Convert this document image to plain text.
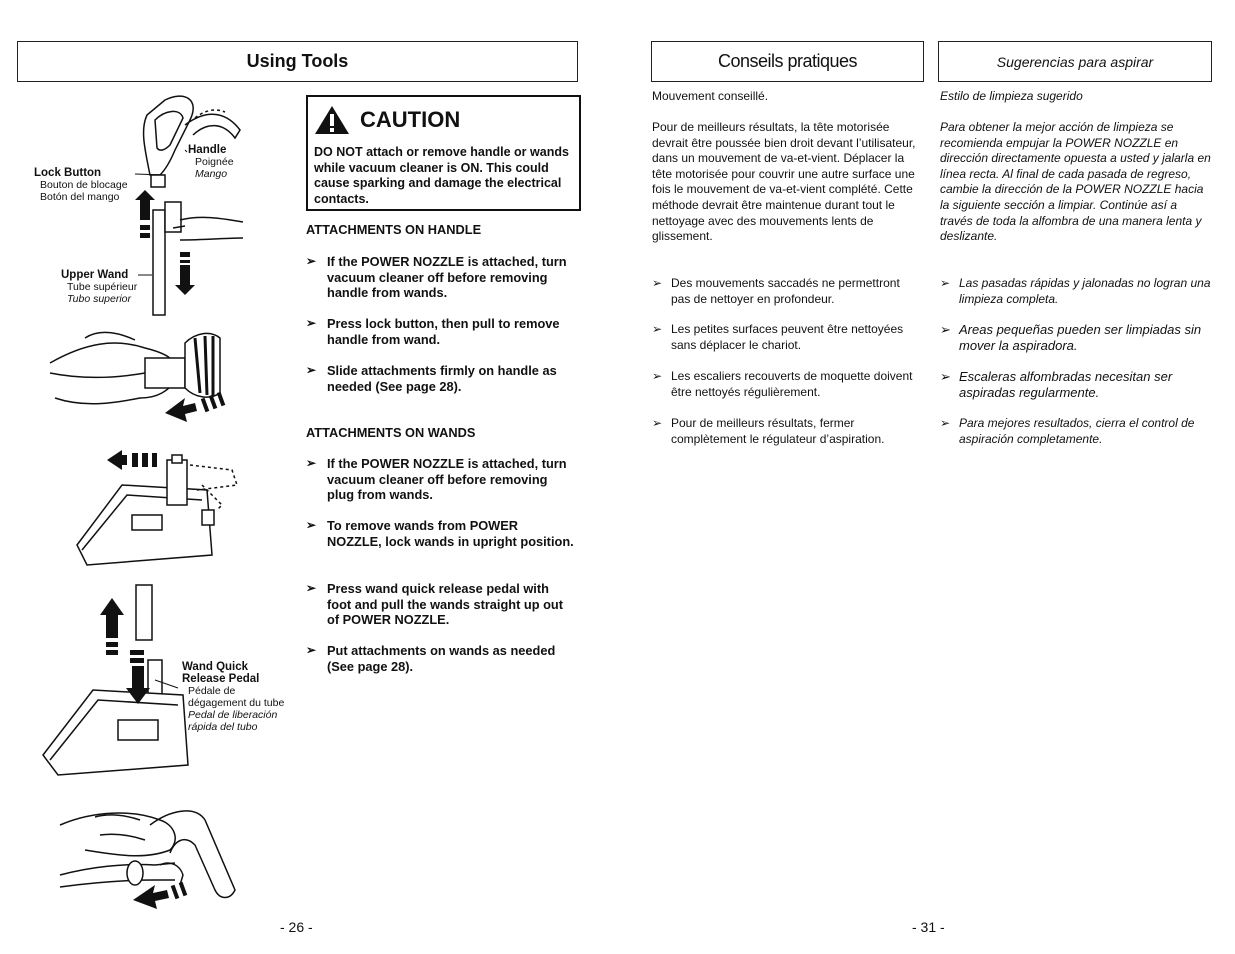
Using Tools	Conseils pratiques	Sugerencias para aspirar
CAUTION
DO NOT attach or remove handle or wands while vacuum cleaner is ON. This could cause sparking and damage the electrical contacts.
ATTACHMENTS ON HANDLE
➢ If the POWER NOZZLE is attached, turn vacuum cleaner off before removing handle from wands.
➢ Press lock button, then pull to remove handle from wand.
➢ Slide attachments firmly on handle as needed (See page 28).
ATTACHMENTS ON WANDS
➢ If the POWER NOZZLE is attached, turn vacuum cleaner off before removing plug from wands.
➢ To remove wands from POWER NOZZLE, lock wands in upright position.
➢ Press wand quick release pedal with foot and pull the wands straight up out of POWER NOZZLE.
➢ Put attachments on wands as needed (See page 28).
Handle
Poignée
Mango
Lock Button
Bouton de blocage
Botón del mango
Upper Wand
Tube supérieur
Tubo superior
Wand Quick
Release Pedal
Pédale de
dégagement du tube
Pedal de liberación
rápida del tubo
Mouvement conseillé.
Pour de meilleurs résultats, la tête motorisée devrait être poussée bien droit devant l’utilisateur, dans un mouvement de va-et-vient. Déplacer la tête motorisée pour couvrir une autre surface une fois le mouvement de va-et-vient complété. Cette méthode devrait être maintenue durant tout le nettoyage avec des mouvements lents de glissement.
➢ Des mouvements saccadés ne permettront pas de nettoyer en profondeur.
➢ Les petites surfaces peuvent être nettoyées sans déplacer le chariot.
➢ Les escaliers recouverts de moquette doivent être nettoyés régulièrement.
➢ Pour de meilleurs résultats, fermer complètement le régulateur d’aspiration.
Estilo de limpieza sugerido
Para obtener la mejor acción de limpieza se recomienda empujar la POWER NOZZLE en dirección directamente opuesta a usted y jalarla en línea recta. Al final de cada pasada de regreso, cambie la dirección de la POWER NOZZLE hacia la siguiente sección a limpiar. Continúe así a través de toda la alfombra de una manera lenta y deslizante.
➢ Las pasadas rápidas y jalonadas no logran una limpieza completa.
➢ Areas pequeñas pueden ser limpiadas sin mover la aspiradora.
➢ Escaleras alfombradas necesitan ser aspiradas regularmente.
➢ Para mejores resultados, cierra el control de aspiración completamente.
- 26 -	- 31 -
